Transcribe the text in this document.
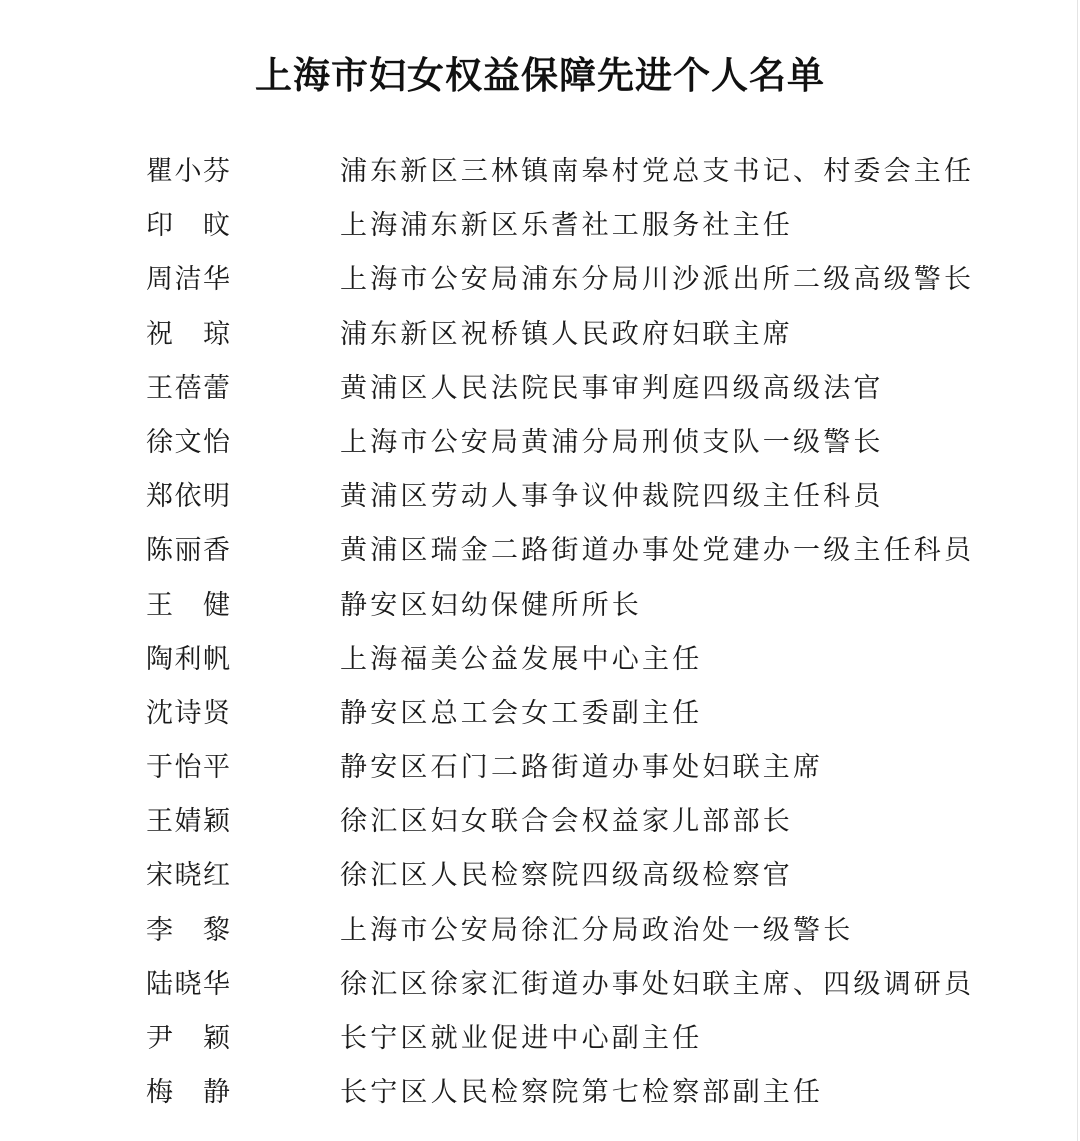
上海市妇女权益保障先进个人名单
瞿小芬	浦东新区三林镇南皋村党总支书记、村委会主任
印 旼	上海浦东新区乐耆社工服务社主任
周洁华	上海市公安局浦东分局川沙派出所二级高级警长
祝 琼	浦东新区祝桥镇人民政府妇联主席
王蓓蕾	黄浦区人民法院民事审判庭四级高级法官
徐文怡	上海市公安局黄浦分局刑侦支队一级警长
郑依明	黄浦区劳动人事争议仲裁院四级主任科员
陈丽香	黄浦区瑞金二路街道办事处党建办一级主任科员
王 健	静安区妇幼保健所所长
陶利帆	上海福美公益发展中心主任
沈诗贤	静安区总工会女工委副主任
于怡平	静安区石门二路街道办事处妇联主席
王婧颖	徐汇区妇女联合会权益家儿部部长
宋晓红	徐汇区人民检察院四级高级检察官
李 黎	上海市公安局徐汇分局政治处一级警长
陆晓华	徐汇区徐家汇街道办事处妇联主席、四级调研员
尹 颖	长宁区就业促进中心副主任
梅 静	长宁区人民检察院第七检察部副主任
